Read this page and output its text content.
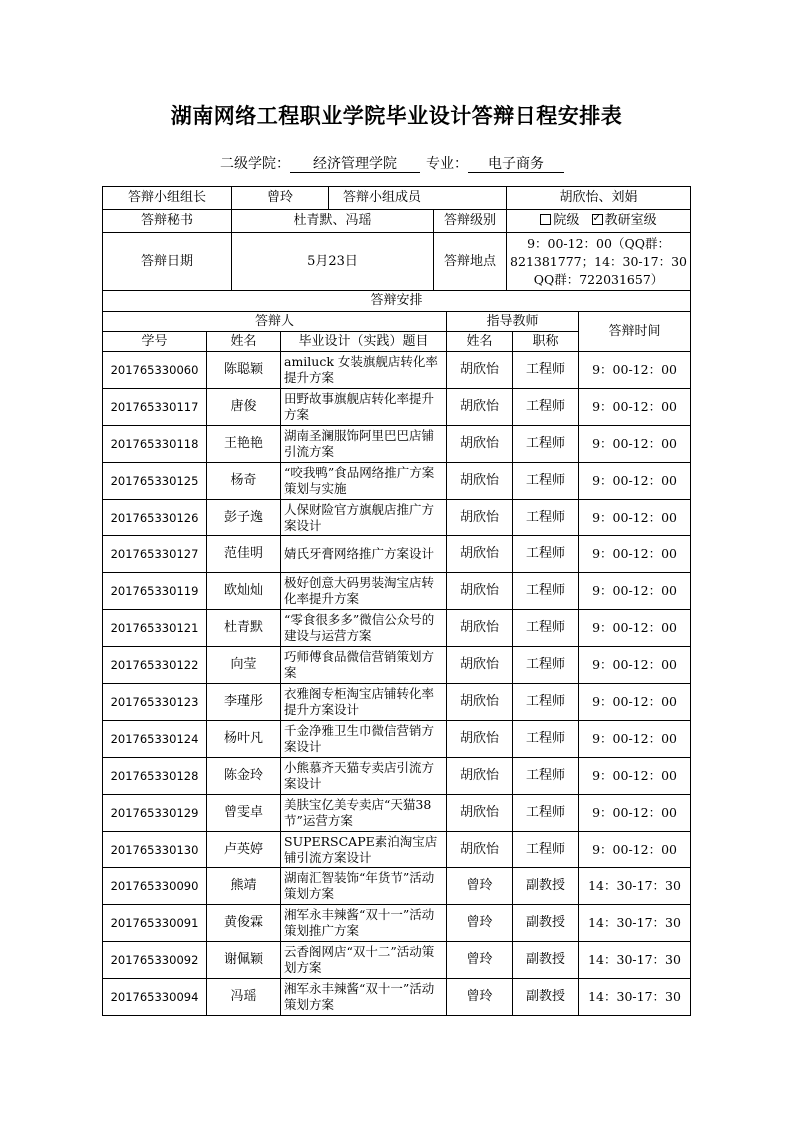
湖南网络工程职业学院毕业设计答辩日程安排表
二级学院： 经济管理学院 专业： 电子商务
答辩小组组长	曾玲	答辩小组成员		胡欣怡、刘娟
答辩秘书	杜青默、冯瑶		答辩级别	院级 ✓ 教研室级
答辩日期	5月23日		答辩地点	9：00-12：00（QQ群：821381777；14：30-17：30 QQ群：722031657）
答辩安排				
答辩人			指导教师		答辩时间
学号	姓名	毕业设计（实践）题目	姓名	职称	
201765330060	陈聪颖	amiluck 女装旗舰店转化率提升方案	胡欣怡	工程师	9：00-12：00
201765330117	唐俊	田野故事旗舰店转化率提升方案	胡欣怡	工程师	9：00-12：00
201765330118	王艳艳	湖南圣澜服饰阿里巴巴店铺引流方案	胡欣怡	工程师	9：00-12：00
201765330125	杨奇	“咬我鸭”食品网络推广方案策划与实施	胡欣怡	工程师	9：00-12：00
201765330126	彭子逸	人保财险官方旗舰店推广方案设计	胡欣怡	工程师	9：00-12：00
201765330127	范佳明	婧氏牙膏网络推广方案设计	胡欣怡	工程师	9：00-12：00
201765330119	欧灿灿	极好创意大码男装淘宝店转化率提升方案	胡欣怡	工程师	9：00-12：00
201765330121	杜青默	“零食很多多”微信公众号的建设与运营方案	胡欣怡	工程师	9：00-12：00
201765330122	向莹	巧师傅食品微信营销策划方案	胡欣怡	工程师	9：00-12：00
201765330123	李瑾彤	衣雅阁专柜淘宝店铺转化率提升方案设计	胡欣怡	工程师	9：00-12：00
201765330124	杨叶凡	千金净雅卫生巾微信营销方案设计	胡欣怡	工程师	9：00-12：00
201765330128	陈金玲	小熊慕齐天猫专卖店引流方案设计	胡欣怡	工程师	9：00-12：00
201765330129	曾雯卓	美肤宝亿美专卖店“天猫38节”运营方案	胡欣怡	工程师	9：00-12：00
201765330130	卢英婷	SUPERSCAPE素泊淘宝店铺引流方案设计	胡欣怡	工程师	9：00-12：00
201765330090	熊靖	湖南汇智装饰“年货节”活动策划方案	曾玲	副教授	14：30-17：30
201765330091	黄俊霖	湘军永丰辣酱“双十一”活动策划推广方案	曾玲	副教授	14：30-17：30
201765330092	谢佩颖	云香阁网店“双十二”活动策划方案	曾玲	副教授	14：30-17：30
201765330094	冯瑶	湘军永丰辣酱“双十一”活动策划方案	曾玲	副教授	14：30-17：30
